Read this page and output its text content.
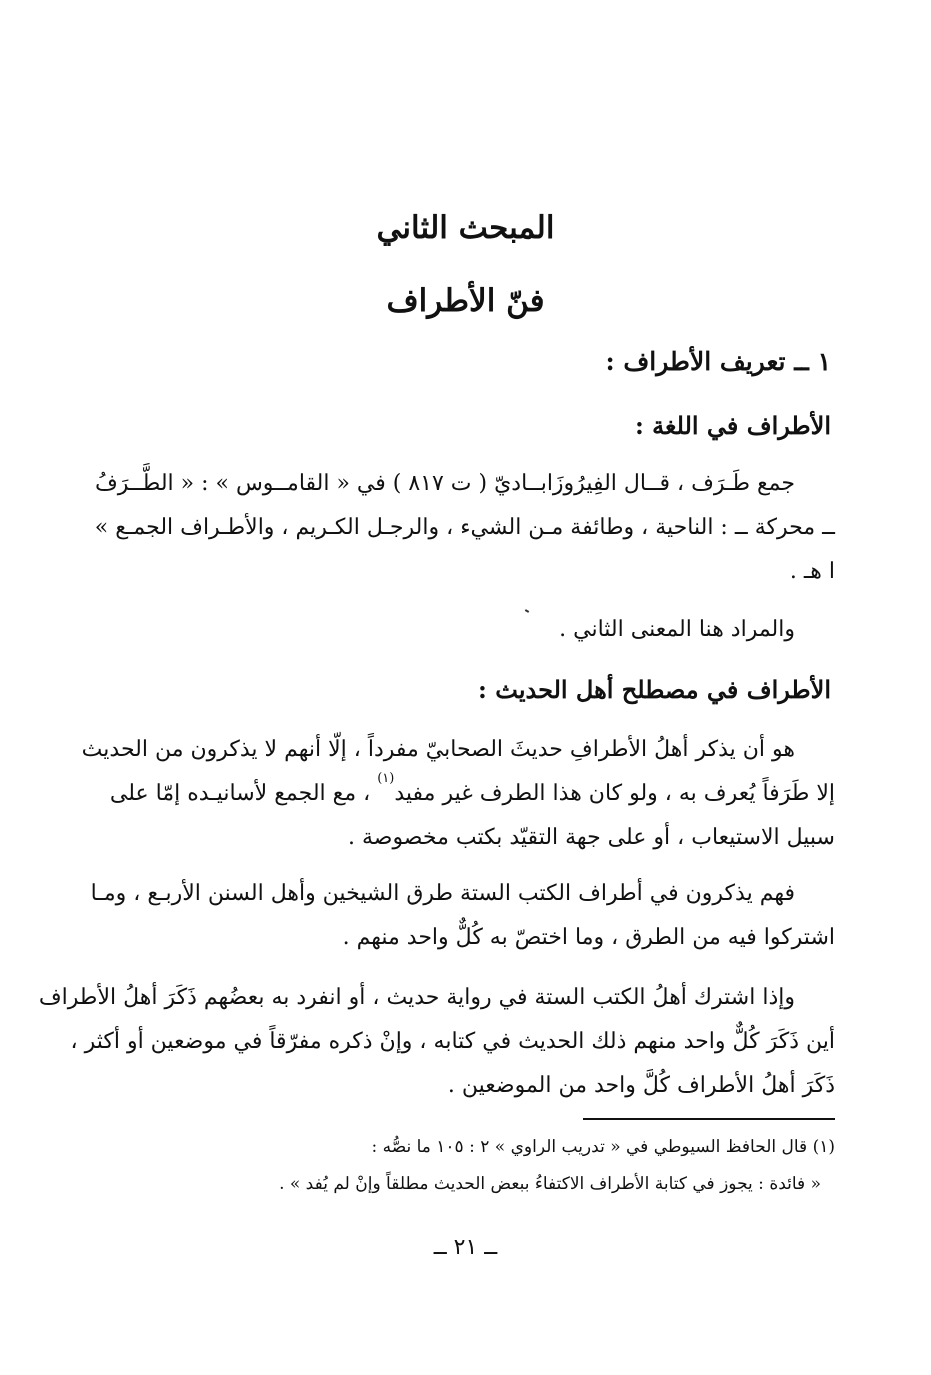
المبحث الثاني
فنّ الأطراف
١ ــ تعريف الأطراف :
الأطراف في اللغة :
جمع طَـرَف ، قــال الفِيرُوزَابــاديّ ( ت ٨١٧ ) في « القامــوس » : « الطَّــرَفُ
ــ محركة ــ : الناحية ، وطائفة مـن الشيء ، والرجـل الكـريم ، والأطـراف الجمـع »
ا هـ .
والمراد هنا المعنى الثاني .
الأطراف في مصطلح أهل الحديث :
هو أن يذكر أهلُ الأطرافِ حديثَ الصحابيّ مفرداً ، إلّا أنهم لا يذكرون من الحديث
إلا طَرَفاً يُعرف به ، ولو كان هذا الطرف غير مفيد$^{(١)}$ ، مع الجمع لأسانيـده إمّا على
سبيل الاستيعاب ، أو على جهة التقيّد بكتب مخصوصة .
فهم يذكرون في أطراف الكتب الستة طرق الشيخين وأهل السنن الأربـع ، ومـا
اشتركوا فيه من الطرق ، وما اختصّ به كُلٌّ واحد منهم .
وإذا اشترك أهلُ الكتب الستة في رواية حديث ، أو انفرد به بعضُهم ذَكَرَ أهلُ الأطراف
أين ذَكَرَ كُلٌّ واحد منهم ذلك الحديث في كتابه ، وإنْ ذكره مفرّقاً في موضعين أو أكثر ،
ذَكَرَ أهلُ الأطراف كُلَّ واحد من الموضعين .
(١) قال الحافظ السيوطي في « تدريب الراوي » ٢ : ١٠٥ ما نصُّه :
« فائدة : يجوز في كتابة الأطراف الاكتفاءُ ببعض الحديث مطلقاً وإنْ لم يُفد » .
ــ ٢١ ــ
